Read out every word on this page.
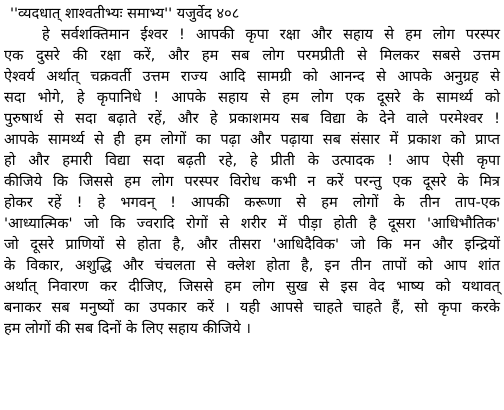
''व्यदधात् शाश्वतीभ्यः समाभ्य'' यजुर्वेद ४०८
हे सर्वशक्तिमान ईश्वर ! आपकी कृपा रक्षा और सहाय से हम लोग परस्पर
एक दुसरे की रक्षा करें, और हम सब लोग परमप्रीती से मिलकर सबसे उत्तम
ऐश्वर्य अर्थात् चक्रवर्ती उत्तम राज्य आदि सामग्री को आनन्द से आपके अनुग्रह से
सदा भोगे, हे कृपानिधे ! आपके सहाय से हम लोग एक दूसरे के सामर्थ्य को
पुरुषार्थ से सदा बढ़ाते रहें, और हे प्रकाशमय सब विद्या के देने वाले परमेश्वर !
आपके सामर्थ्य से ही हम लोगों का पढ़ा और पढ़ाया सब संसार में प्रकाश को प्राप्त
हो और हमारी विद्या सदा बढ़ती रहे, हे प्रीती के उत्पादक ! आप ऐसी कृपा
कीजिये कि जिससे हम लोग परस्पर विरोध कभी न करें परन्तु एक दूसरे के मित्र
होकर रहें ! हे भगवन् ! आपकी करूणा से हम लोगों के तीन ताप-एक
'आध्यात्मिक' जो कि ज्वरादि रोगों से शरीर में पीड़ा होती है दूसरा 'आधिभौतिक'
जो दूसरे प्राणियों से होता है, और तीसरा 'आधिदैविक' जो कि मन और इन्द्रियों
के विकार, अशुद्धि और चंचलता से क्लेश होता है, इन तीन तापों को आप शांत
अर्थात् निवारण कर दीजिए, जिससे हम लोग सुख से इस वेद भाष्य को यथावत्
बनाकर सब मनुष्यों का उपकार करें । यही आपसे चाहते चाहते हैं, सो कृपा करके
हम लोगों की सब दिनों के लिए सहाय कीजिये ।
